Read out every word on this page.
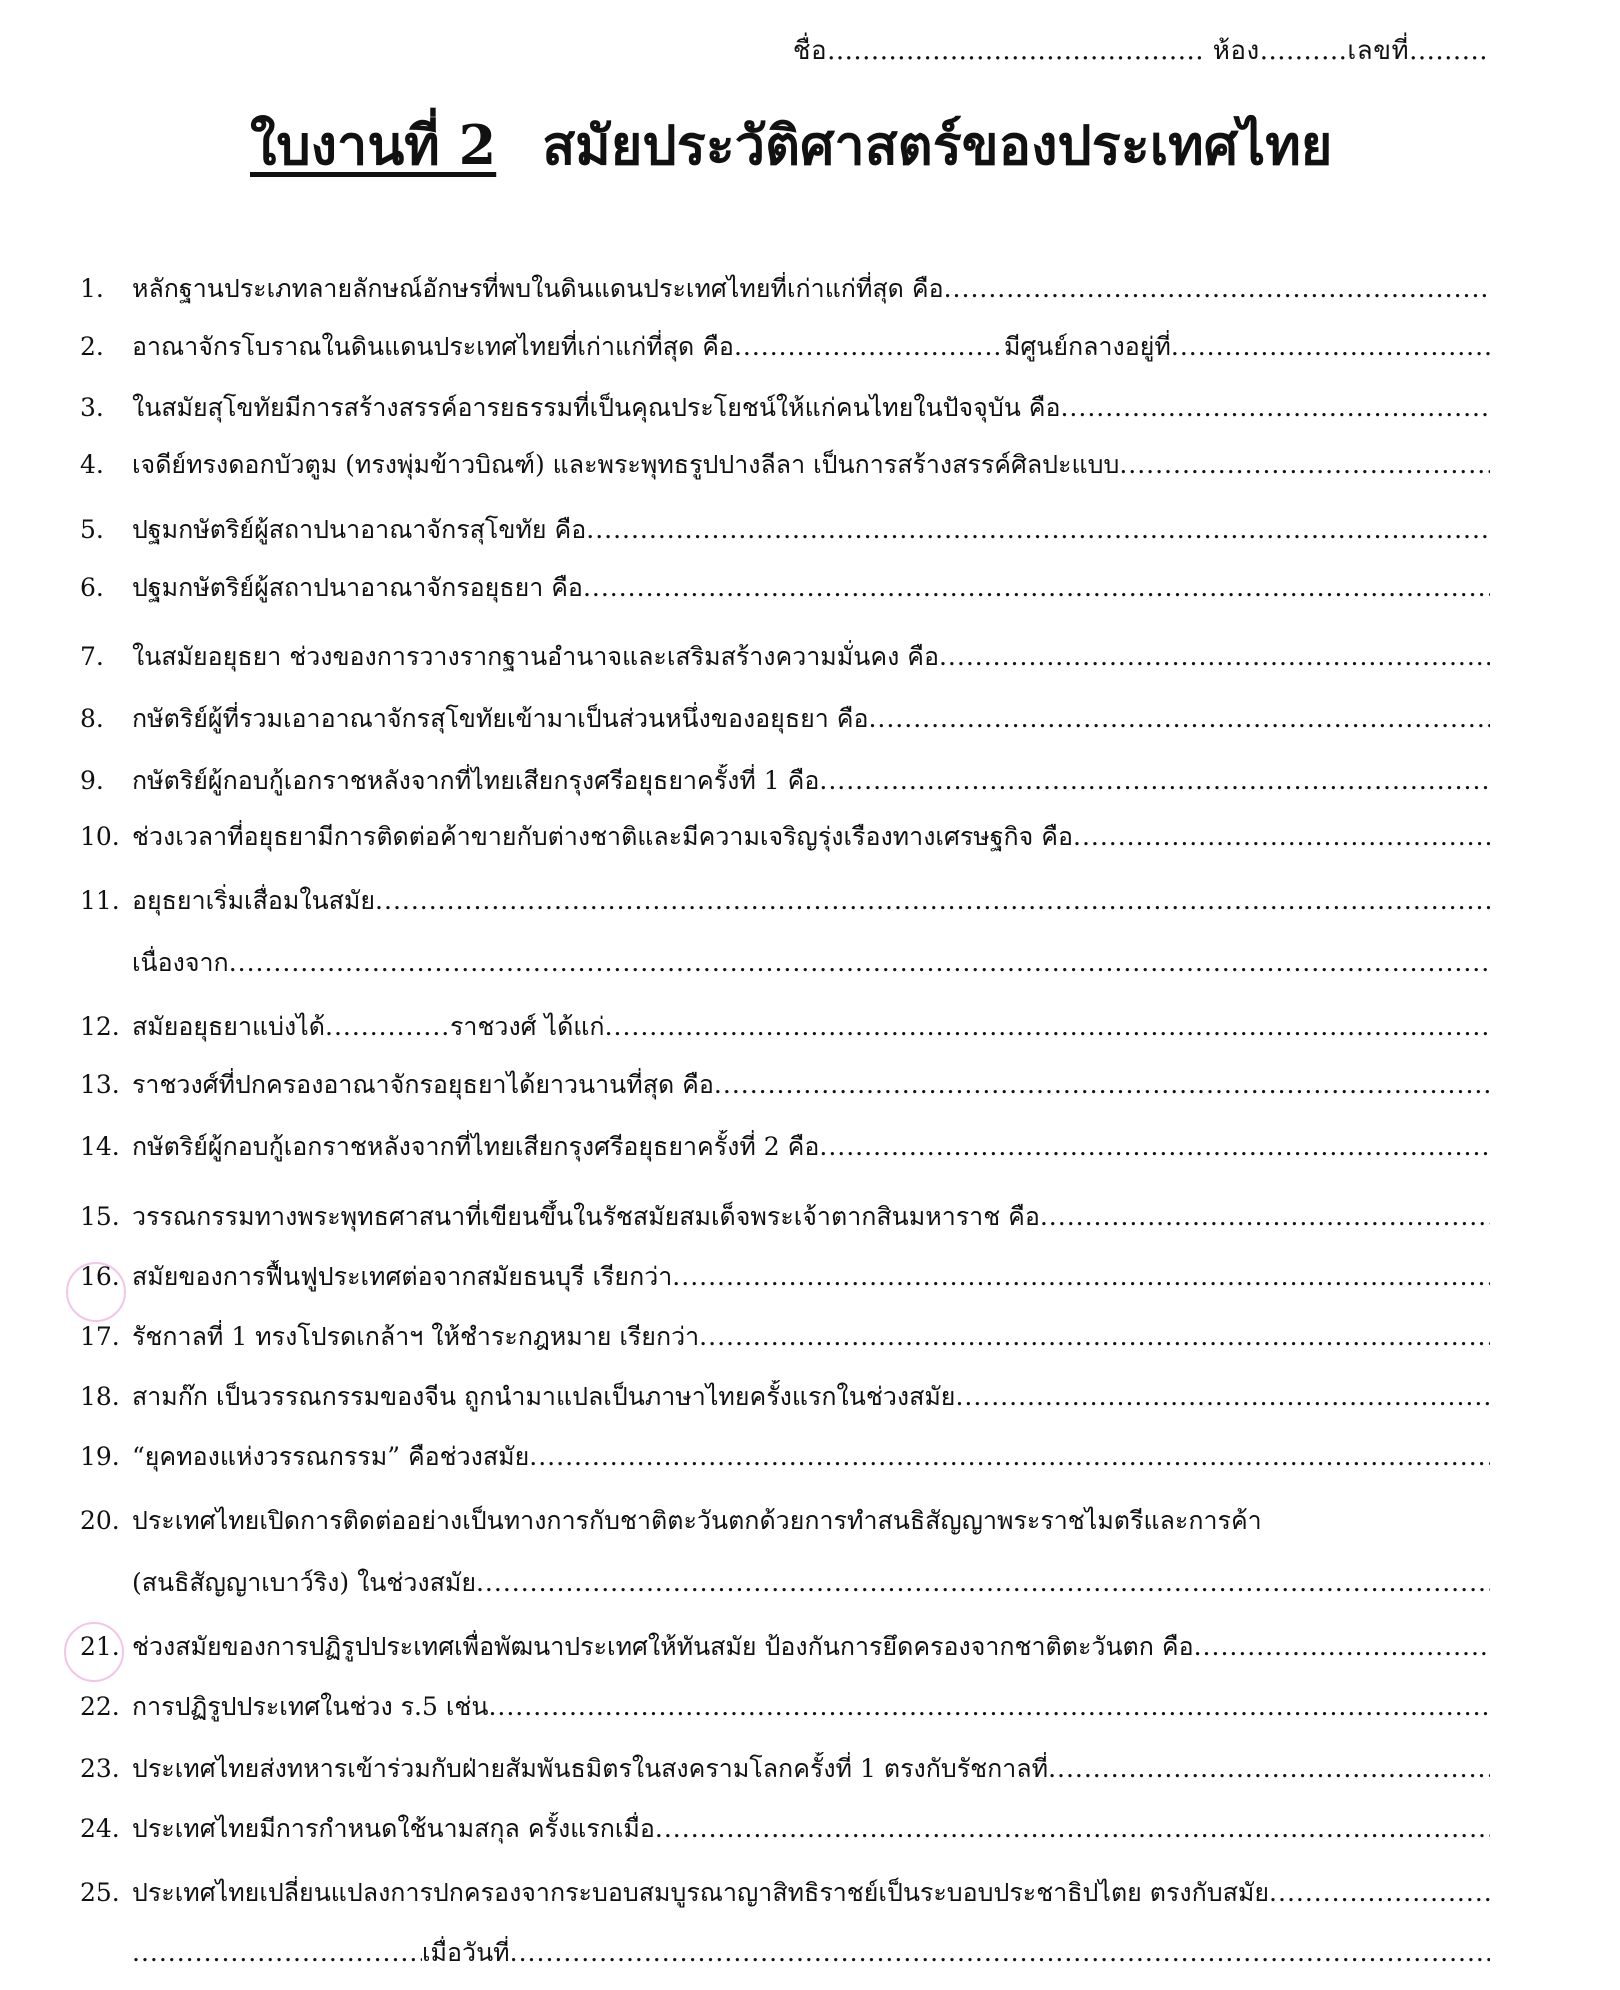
ชื่อ........................................... ห้อง..........เลขที่.........
ใบงานที่ 2 สมัยประวัติศาสตร์ของประเทศไทย
1.	หลักฐานประเภทลายลักษณ์อักษรที่พบในดินแดนประเทศไทยที่เก่าแก่ที่สุด คือ
.....
2.	อาณาจักรโบราณในดินแดนประเทศไทยที่เก่าแก่ที่สุด คือ .....	มีศูนย์กลางอยู่ที่
.....
3.	ในสมัยสุโขทัยมีการสร้างสรรค์อารยธรรมที่เป็นคุณประโยชน์ให้แก่คนไทยในปัจจุบัน คือ
.....
4.	เจดีย์ทรงดอกบัวตูม (ทรงพุ่มข้าวบิณฑ์) และพระพุทธรูปปางลีลา เป็นการสร้างสรรค์ศิลปะแบบ
.....
5.	ปฐมกษัตริย์ผู้สถาปนาอาณาจักรสุโขทัย คือ
.....
6.	ปฐมกษัตริย์ผู้สถาปนาอาณาจักรอยุธยา คือ
.....
7.	ในสมัยอยุธยา ช่วงของการวางรากฐานอำนาจและเสริมสร้างความมั่นคง คือ
.....
8.	กษัตริย์ผู้ที่รวมเอาอาณาจักรสุโขทัยเข้ามาเป็นส่วนหนึ่งของอยุธยา คือ
.....
9.	กษัตริย์ผู้กอบกู้เอกราชหลังจากที่ไทยเสียกรุงศรีอยุธยาครั้งที่ 1 คือ
.....
10. ช่วงเวลาที่อยุธยามีการติดต่อค้าขายกับต่างชาติและมีความเจริญรุ่งเรืองทางเศรษฐกิจ คือ
.....
11. อยุธยาเริ่มเสื่อมในสมัย
.....
เนื่องจาก
.....
12. สมัยอยุธยาแบ่งได้ .....	ราชวงศ์ ได้แก่
.....
13. ราชวงศ์ที่ปกครองอาณาจักรอยุธยาได้ยาวนานที่สุด คือ
.....
14. กษัตริย์ผู้กอบกู้เอกราชหลังจากที่ไทยเสียกรุงศรีอยุธยาครั้งที่ 2 คือ
.....
15. วรรณกรรมทางพระพุทธศาสนาที่เขียนขึ้นในรัชสมัยสมเด็จพระเจ้าตากสินมหาราช คือ
.....
16. สมัยของการฟื้นฟูประเทศต่อจากสมัยธนบุรี เรียกว่า
.....
17. รัชกาลที่ 1 ทรงโปรดเกล้าฯ ให้ชำระกฎหมาย เรียกว่า
.....
18. สามก๊ก เป็นวรรณกรรมของจีน ถูกนำมาแปลเป็นภาษาไทยครั้งแรกในช่วงสมัย
.....
19. “ยุคทองแห่งวรรณกรรม” คือช่วงสมัย
.....
20. ประเทศไทยเปิดการติดต่ออย่างเป็นทางการกับชาติตะวันตกด้วยการทำสนธิสัญญาพระราชไมตรีและการค้า
(สนธิสัญญาเบาว์ริง) ในช่วงสมัย
.....
21. ช่วงสมัยของการปฏิรูปประเทศเพื่อพัฒนาประเทศให้ทันสมัย ป้องกันการยึดครองจากชาติตะวันตก คือ
.....
22. การปฏิรูปประเทศในช่วง ร.5 เช่น
.....
23. ประเทศไทยส่งทหารเข้าร่วมกับฝ่ายสัมพันธมิตรในสงครามโลกครั้งที่ 1 ตรงกับรัชกาลที่
.....
24. ประเทศไทยมีการกำหนดใช้นามสกุล ครั้งแรกเมื่อ
.....
25. ประเทศไทยเปลี่ยนแปลงการปกครองจากระบอบสมบูรณาญาสิทธิราชย์เป็นระบอบประชาธิปไตย ตรงกับสมัย
.....
.....
เมื่อวันที่
.....
